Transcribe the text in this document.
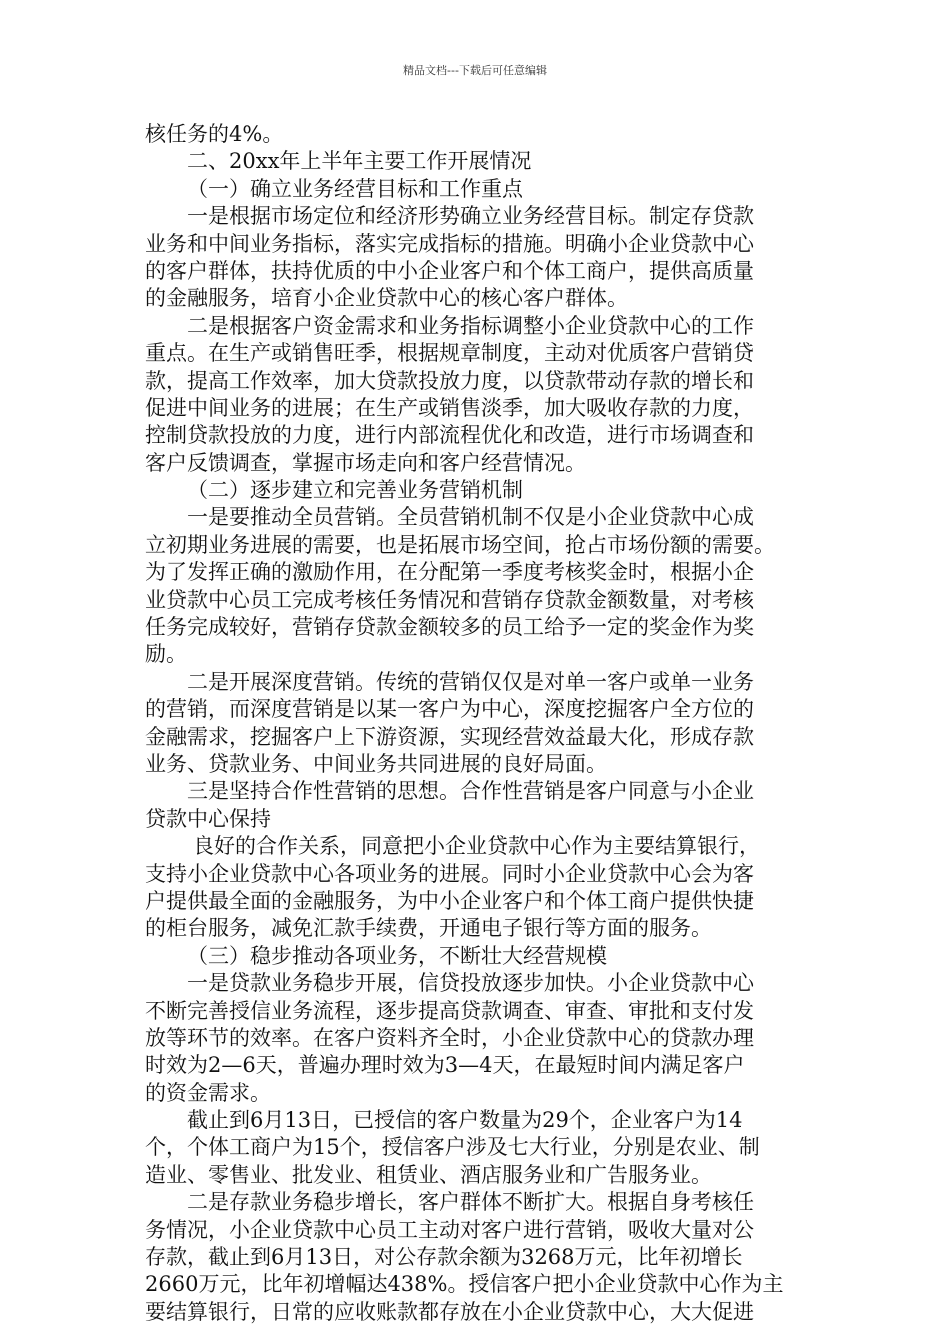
精品文档---下载后可任意编辑
核任务的4%。
二、20xx年上半年主要工作开展情况
（一）确立业务经营目标和工作重点
一是根据市场定位和经济形势确立业务经营目标。制定存贷款
业务和中间业务指标，落实完成指标的措施。明确小企业贷款中心
的客户群体，扶持优质的中小企业客户和个体工商户，提供高质量
的金融服务，培育小企业贷款中心的核心客户群体。
二是根据客户资金需求和业务指标调整小企业贷款中心的工作
重点。在生产或销售旺季，根据规章制度，主动对优质客户营销贷
款，提高工作效率，加大贷款投放力度，以贷款带动存款的增长和
促进中间业务的进展；在生产或销售淡季，加大吸收存款的力度，
控制贷款投放的力度，进行内部流程优化和改造，进行市场调查和
客户反馈调查，掌握市场走向和客户经营情况。
（二）逐步建立和完善业务营销机制
一是要推动全员营销。全员营销机制不仅是小企业贷款中心成
立初期业务进展的需要，也是拓展市场空间，抢占市场份额的需要。
为了发挥正确的激励作用，在分配第一季度考核奖金时，根据小企
业贷款中心员工完成考核任务情况和营销存贷款金额数量，对考核
任务完成较好，营销存贷款金额较多的员工给予一定的奖金作为奖
励。
二是开展深度营销。传统的营销仅仅是对单一客户或单一业务
的营销，而深度营销是以某一客户为中心，深度挖掘客户全方位的
金融需求，挖掘客户上下游资源，实现经营效益最大化，形成存款
业务、贷款业务、中间业务共同进展的良好局面。
三是坚持合作性营销的思想。合作性营销是客户同意与小企业
贷款中心保持
良好的合作关系，同意把小企业贷款中心作为主要结算银行，
支持小企业贷款中心各项业务的进展。同时小企业贷款中心会为客
户提供最全面的金融服务，为中小企业客户和个体工商户提供快捷
的柜台服务，减免汇款手续费，开通电子银行等方面的服务。
（三）稳步推动各项业务，不断壮大经营规模
一是贷款业务稳步开展，信贷投放逐步加快。小企业贷款中心
不断完善授信业务流程，逐步提高贷款调查、审查、审批和支付发
放等环节的效率。在客户资料齐全时，小企业贷款中心的贷款办理
时效为2—6天，普遍办理时效为3—4天，在最短时间内满足客户
的资金需求。
截止到6月13日，已授信的客户数量为29个，企业客户为14
个，个体工商户为15个，授信客户涉及七大行业，分别是农业、制
造业、零售业、批发业、租赁业、酒店服务业和广告服务业。
二是存款业务稳步增长，客户群体不断扩大。根据自身考核任
务情况，小企业贷款中心员工主动对客户进行营销，吸收大量对公
存款，截止到6月13日，对公存款余额为3268万元，比年初增长
2660万元，比年初增幅达438%。授信客户把小企业贷款中心作为主
要结算银行，日常的应收账款都存放在小企业贷款中心，大大促进
